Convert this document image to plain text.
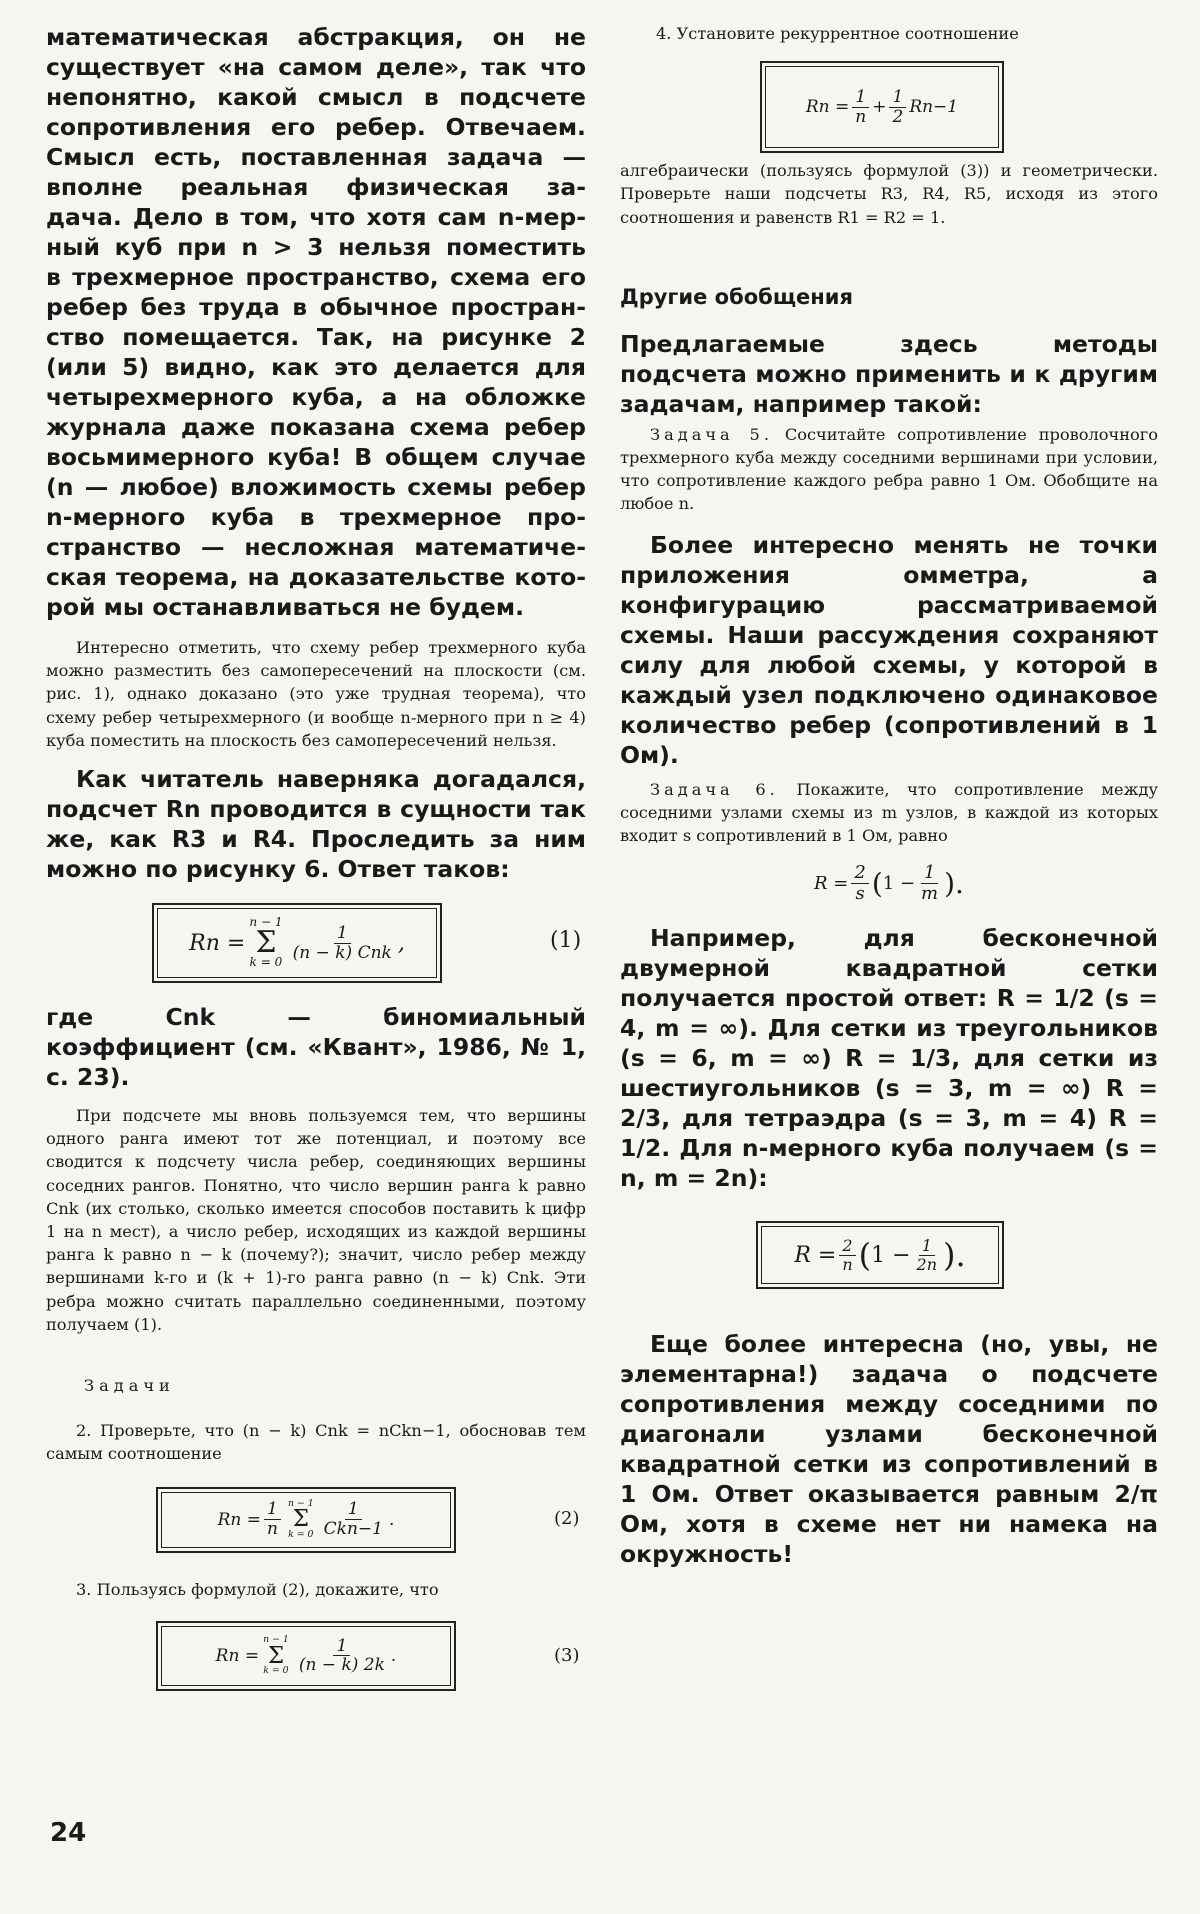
математическая абстракция, он не
существует «на самом деле», так что
непонятно, какой смысл в подсчете
сопротивления его ребер. Отвечаем.
Смысл есть, поставленная задача —
вполне реальная физическая за-
дача. Дело в том, что хотя сам n-мер-
ный куб при n > 3 нельзя поместить
в трехмерное пространство, схема его
ребер без труда в обычное простран-
ство помещается. Так, на рисунке 2
(или 5) видно, как это делается для
четырехмерного куба, а на обложке
журнала даже показана схема ребер
восьмимерного куба! В общем случае
(n — любое) вложимость схемы ребер
n-мерного куба в трехмерное про-
странство — несложная математиче-
ская теорема, на доказательстве кото-
рой мы останавливаться не будем.

Интересно отметить, что схему ребер трехмерного куба можно разместить без самопересечений на плоскости (см. рис. 1), однако доказано (это уже трудная теорема), что схему ребер четырехмерного (и вообще n-мерного при n ≥ 4) куба поместить на плоскость без самопересечений нельзя.

Как читатель наверняка догадался, подсчет Rn проводится в сущности так же, как R3 и R4. Проследить за ним можно по рисунку 6. Ответ таков:

Rn =
n − 1
Σ
k = 0
$\frac{1}{\text{(n − k) Cnk}}$ ,	(1)

где Cnk — биномиальный коэффициент (см. «Квант», 1986, № 1, с. 23).

При подсчете мы вновь пользуемся тем, что вершины одного ранга имеют тот же потенциал, и поэтому все сводится к подсчету числа ребер, соединяющих вершины соседних рангов. Понятно, что число вершин ранга k равно Cnk (их столько, сколько имеется способов поставить k цифр 1 на n мест), а число ребер, исходящих из каждой вершины ранга k равно n − k (почему?); значит, число ребер между вершинами k-го и (k + 1)-го ранга равно (n − k) Cnk. Эти ребра можно считать параллельно соединенными, поэтому получаем (1).

Задачи

2. Проверьте, что (n − k) Cnk = nCkn−1, обосновав тем самым соотношение

$Rn = \frac{1}{n}$ n − 1
Σ
$k = 0 \frac{1}{\text{Ckn−1}}$ .	(2)

3. Пользуясь формулой (2), докажите, что

Rn =
n − 1
Σ
$k = 0 \frac{1}{(n - k) 2k}$ .	(3)

4. Установите рекуррентное соотношение

$Rn = \frac{1}{n} + \frac{1}{2} Rn-1$

алгебраически (пользуясь формулой (3)) и геометрически. Проверьте наши подсчеты R3, R4, R5, исходя из этого соотношения и равенств R1 = R2 = 1.

Другие обобщения

Предлагаемые здесь методы подсчета можно применить и к другим задачам, например такой:

Задача 5. Сосчитайте сопротивление проволочного трехмерного куба между соседними вершинами при условии, что сопротивление каждого ребра равно 1 Ом. Обобщите на любое n.

Более интересно менять не точки приложения омметра, а конфигурацию рассматриваемой схемы. Наши рассуждения сохраняют силу для любой схемы, у которой в каждый узел подключено одинаковое количество ребер (сопротивлений в 1 Ом).

Задача 6. Покажите, что сопротивление между соседними узлами схемы из m узлов, в каждой из которых входит s сопротивлений в 1 Ом, равно

$R = \frac{2}{s}$ ( $1 - \frac{1}{m}$ ).

Например, для бесконечной двумерной квадратной сетки получается простой ответ: R = 1/2 (s = 4, m = ∞). Для сетки из треугольников (s = 6, m = ∞) R = 1/3, для сетки из шестиугольников (s = 3, m = ∞) R = 2/3, для тетраэдра (s = 3, m = 4) R = 1/2. Для n-мерного куба получаем (s = n, m = 2n):

$R = \frac{2}{n}$ ( $1 - \frac{1}{2n}$ ).

Еще более интересна (но, увы, не элементарна!) задача о подсчете сопротивления между соседними по диагонали узлами бесконечной квадратной сетки из сопротивлений в 1 Ом. Ответ оказывается равным 2/π Ом, хотя в схеме нет ни намека на окружность!

24
